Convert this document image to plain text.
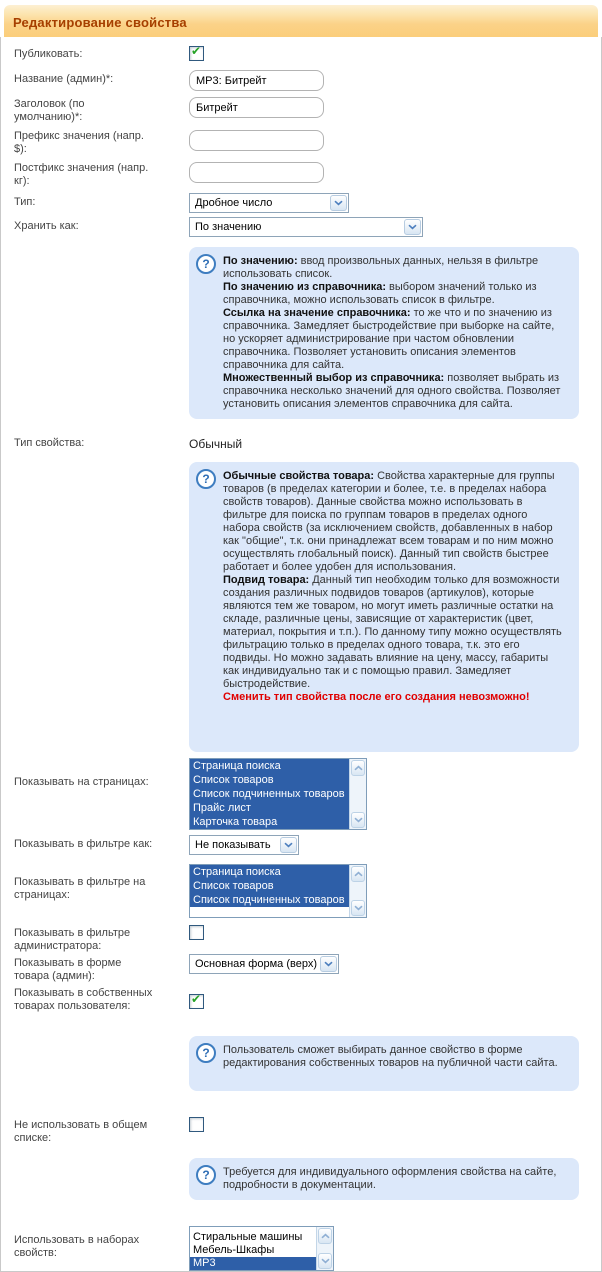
Редактирование свойства
Публиковать:	✔
Название (админ)*:
MP3: Битрейт
Заголовок (по умолчанию)*:
Битрейт
Префикс значения (напр. $):
Постфикс значения (напр. кг):
Тип:	Дробное число
Хранить как:	По значению
?	По значению: ввод произвольных данных, нельзя в фильтре использовать список.
По значению из справочника: выбором значений только из справочника, можно использовать список в фильтре.
Ссылка на значение справочника: то же что и по значению из справочника. Замедляет быстродействие при выборке на сайте, но ускоряет администрирование при частом обновлении справочника. Позволяет установить описания элементов справочника для сайта.
Множественный выбор из справочника: позволяет выбрать из справочника несколько значений для одного свойства. Позволяет установить описания элементов справочника для сайта.
Тип свойства:	Обычный
?	Обычные свойства товара: Свойства характерные для группы товаров (в пределах категории и более, т.е. в пределах набора свойств товаров). Данные свойства можно использовать в фильтре для поиска по группам товаров в пределах одного набора свойств (за исключением свойств, добавленных в набор как "общие", т.к. они принадлежат всем товарам и по ним можно осуществлять глобальный поиск). Данный тип свойств быстрее работает и более удобен для использования.
Подвид товара: Данный тип необходим только для возможности создания различных подвидов товаров (артикулов), которые являются тем же товаром, но могут иметь различные остатки на складе, различные цены, зависящие от характеристик (цвет, материал, покрытия и т.п.). По данному типу можно осуществлять фильтрацию только в пределах одного товара, т.к. это его подвиды. Но можно задавать влияние на цену, массу, габариты как индивидуально так и с помощью правил. Замедляет быстродействие.
Сменить тип свойства после его создания невозможно!
Показывать на страницах:
Страница поиска
Список товаров
Список подчиненных товаров
Прайс лист
Карточка товара
Показывать в фильтре как:	Не показывать
Показывать в фильтре на страницах:
Страница поиска
Список товаров
Список подчиненных товаров
Показывать в фильтре администратора:
Показывать в форме товара (админ):
Основная форма (верх)
Показывать в собственных товарах пользователя:	✔
?	Пользователь сможет выбирать данное свойство в форме редактирования собственных товаров на публичной части сайта.
Не использовать в общем списке:
?	Требуется для индивидуального оформления свойства на сайте, подробности в документации.
Использовать в наборах свойств:
Стиральные машины
Мебель-Шкафы
MP3
